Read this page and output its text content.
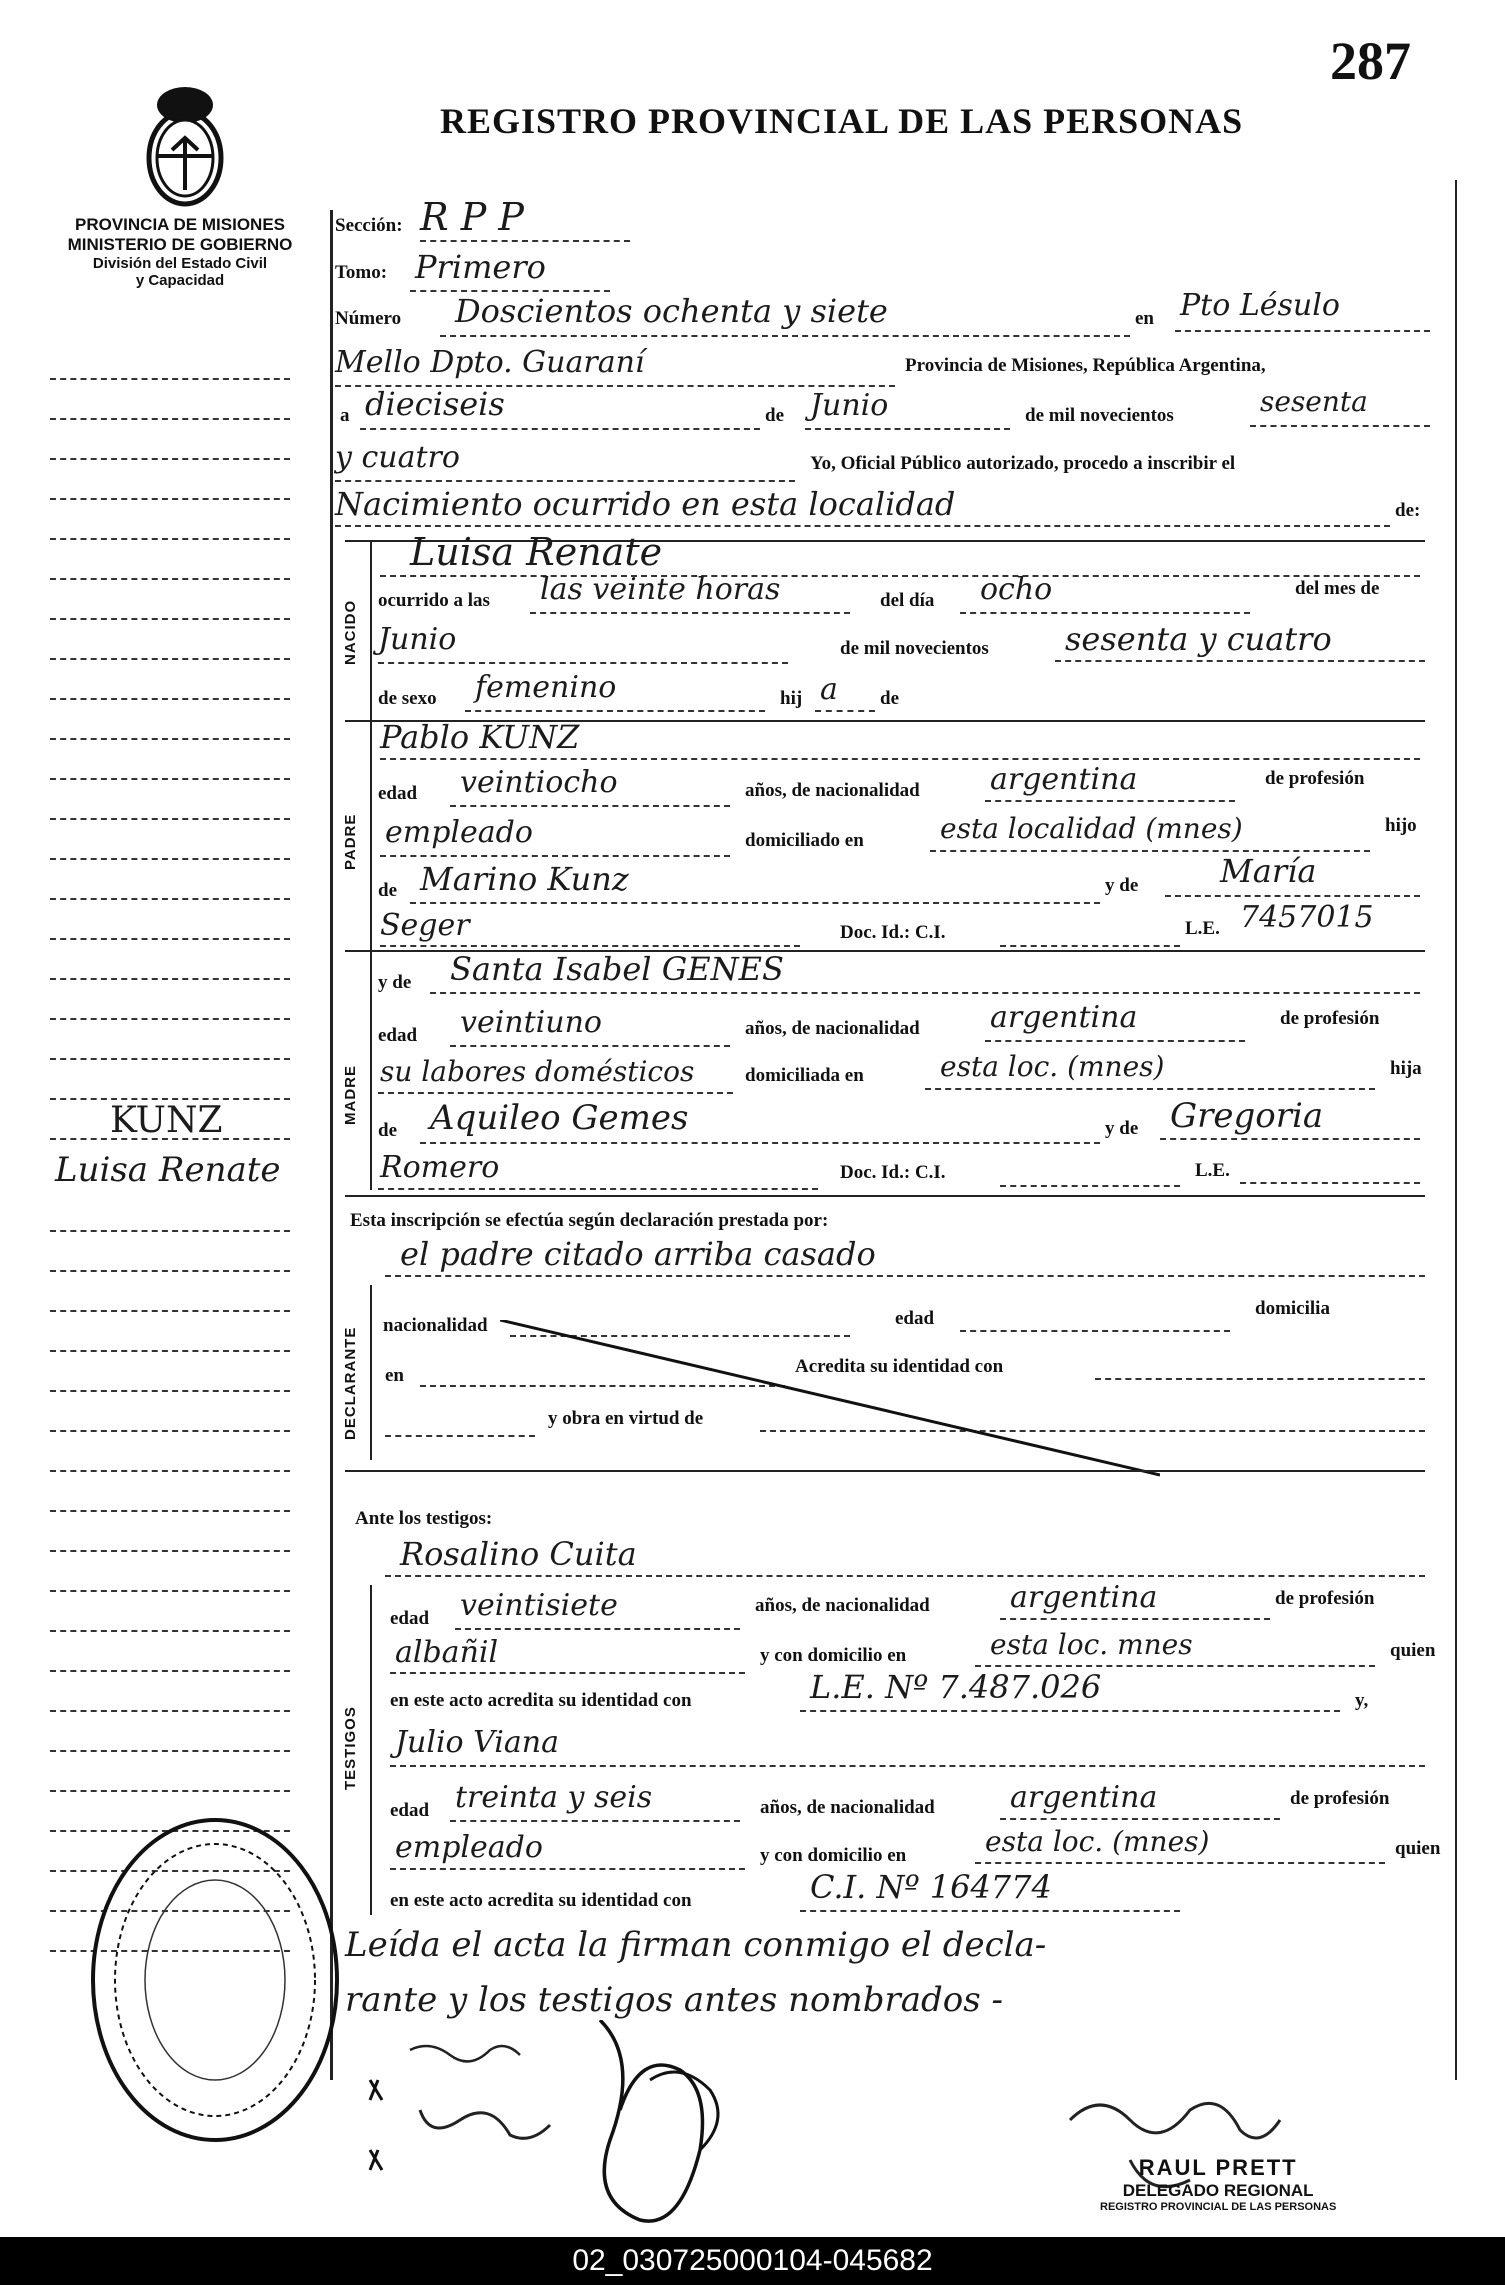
287
REGISTRO PROVINCIAL DE LAS PERSONAS
PROVINCIA DE MISIONES
MINISTERIO DE GOBIERNO
División del Estado Civil
y Capacidad
KUNZ
Luisa Renate
Sección: R P P
Tomo: Primero
Número Doscientos ochenta y siete	en Pto Lésulo
Mello Dpto. Guaraní	Provincia de Misiones, República Argentina,
a dieciseis	de Junio	de mil novecientos	sesenta
y cuatro	Yo, Oficial Público autorizado, procedo a inscribir el
Nacimiento ocurrido en esta localidad	de:
NACIDO
Luisa Renate
ocurrido a las las veinte horas	del día ocho	del mes de
Junio	de mil novecientos sesenta y cuatro
de sexo femenino	hij a de
PADRE
Pablo KUNZ
edad veintiocho	años, de nacionalidad argentina	de profesión
empleado	domiciliado en	esta localidad (mnes)	hijo
de Marino Kunz	y de	María
Seger	Doc. Id.: C.I.	L.E. 7457015
MADRE
y de Santa Isabel GENES
edad veintiuno	años, de nacionalidad argentina	de profesión
su labores domésticos	domiciliada en	esta loc. (mnes)	hija
de Aquileo Gemes	y de Gregoria
Romero	Doc. Id.: C.I.	L.E.
Esta inscripción se efectúa según declaración prestada por:
el padre citado arriba casado
DECLARANTE
nacionalidad	edad	domicilia
en	Acredita su identidad con
y obra en virtud de
Ante los testigos:
Rosalino Cuita
TESTIGOS
edad veintisiete	años, de nacionalidad	argentina	de profesión
albañil	y con domicilio en	esta loc. mnes	quien
en este acto acredita su identidad con	L.E. Nº 7.487.026	y,
Julio Viana
edad treinta y seis	años, de nacionalidad	argentina	de profesión
empleado	y con domicilio en	esta loc. (mnes)	quien
en este acto acredita su identidad con	C.I. Nº 164774
Leída el acta la firman conmigo el decla-
rante y los testigos antes nombrados -
RAUL PRETT
DELEGADO REGIONAL
REGISTRO PROVINCIAL DE LAS PERSONAS
02_030725000104-045682
